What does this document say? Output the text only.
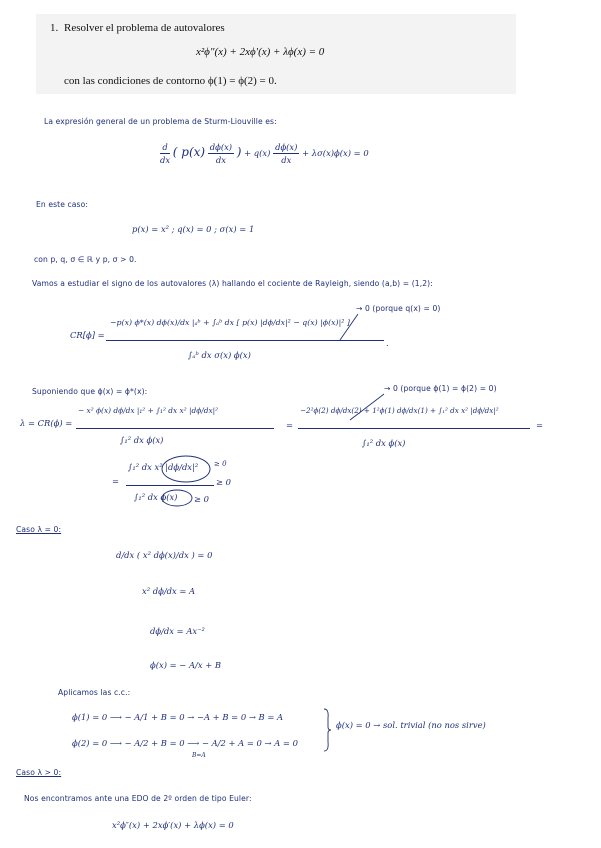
1. Resolver el problema de autovalores
x²ϕ″(x) + 2xϕ′(x) + λϕ(x) = 0
con las condiciones de contorno ϕ(1) = ϕ(2) = 0.
La expresión general de un problema de Sturm-Liouville es:
$\frac{d}{dx}$ ( $p(x) \frac{d\phi(x)}{dx}$ ) + $q(x) \frac{d\phi(x)}{dx} + \lambda\sigma(x)\phi(x) = 0$
En este caso:
p(x) = x² ; q(x) = 0 ; σ(x) = 1
con p, q, σ ∈ ℝ y p, σ > 0.
Vamos a estudiar el signo de los autovalores (λ) hallando el cociente de Rayleigh, siendo (a,b) = (1,2):
→ 0 (porque q(x) = 0)
CR[ϕ] =
−p(x) ϕ*(x) dϕ(x)/dx |ₐᵇ + ∫ₐᵇ dx [ p(x) |dϕ/dx|² − q(x) |ϕ(x)|² ]
∫ₐᵇ dx σ(x) ϕ(x)
.
Suponiendo que ϕ(x) = ϕ*(x):	→ 0 (porque ϕ(1) = ϕ(2) = 0)
λ = CR(ϕ) =
− x² ϕ(x) dϕ/dx |₁² + ∫₁² dx x² |dϕ/dx|²
∫₁² dx ϕ(x)
=
−2²ϕ(2) dϕ/dx(2) + 1²ϕ(1) dϕ/dx(1) + ∫₁² dx x² |dϕ/dx|²
∫₁² dx ϕ(x)
=
=
∫₁² dx x² |dϕ/dx|² ≥ 0
≥ 0
∫₁² dx ϕ(x) ≥ 0
Caso λ = 0:
d/dx ( x² dϕ(x)/dx ) = 0
x² dϕ/dx = A
dϕ/dx = Ax⁻²
ϕ(x) = − A/x + B
Aplicamos las c.c.:
ϕ(1) = 0 ⟶ − A/1 + B = 0 → −A + B = 0 → B = A
ϕ(2) = 0 ⟶ − A/2 + B = 0 ⟶ − A/2 + A = 0 → A = 0
B=A
ϕ(x) = 0 → sol. trivial (no nos sirve)
Caso λ > 0:
Nos encontramos ante una EDO de 2º orden de tipo Euler:
x²ϕ″(x) + 2xϕ′(x) + λϕ(x) = 0
